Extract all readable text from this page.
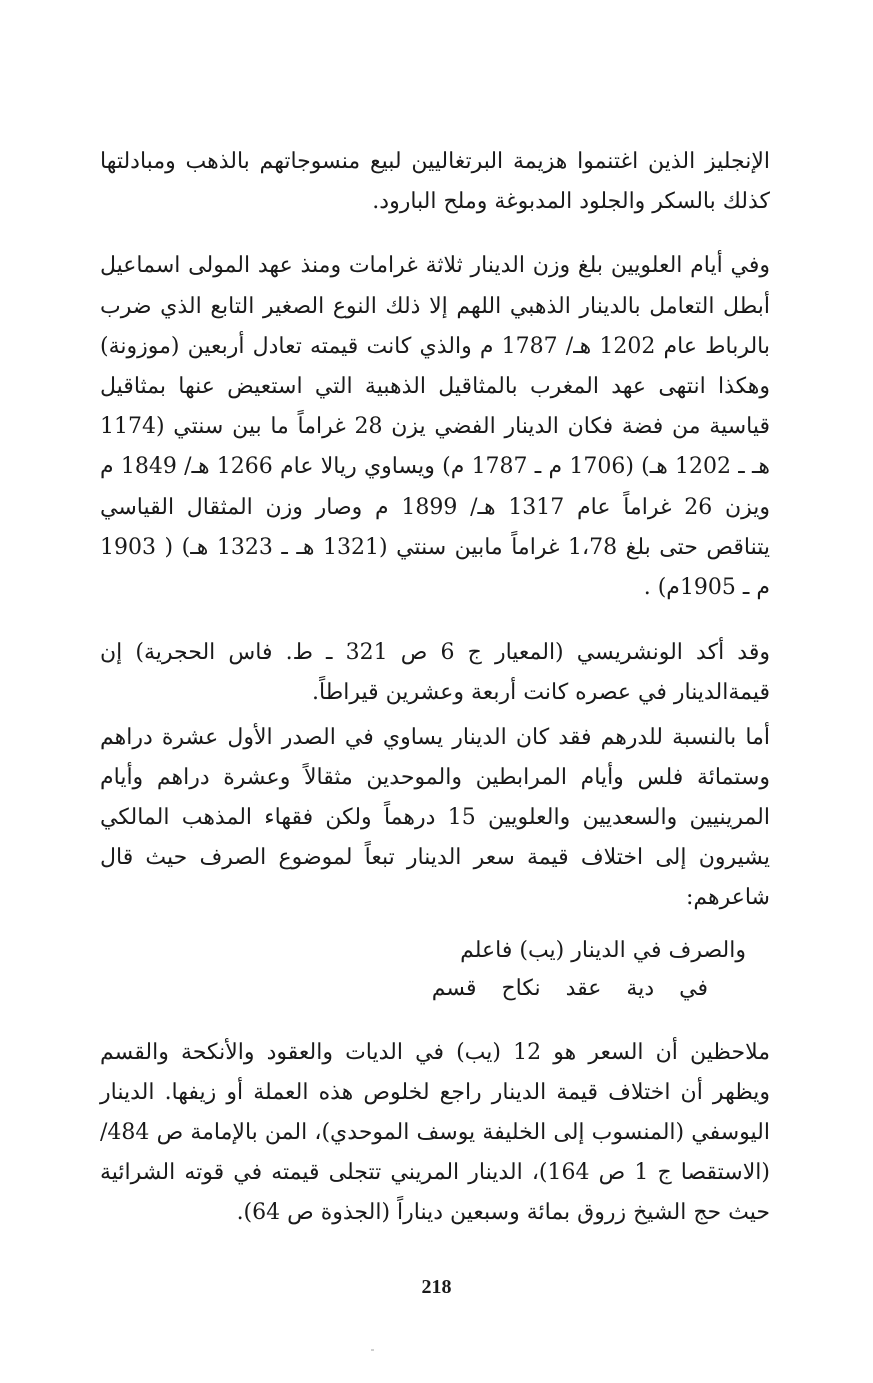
الإنجليز الذين اغتنموا هزيمة البرتغاليين لبيع منسوجاتهم بالذهب ومبادلتها كذلك بالسكر والجلود المدبوغة وملح البارود.

وفي أيام العلويين بلغ وزن الدينار ثلاثة غرامات ومنذ عهد المولى اسماعيل أبطل التعامل بالدينار الذهبي اللهم إلا ذلك النوع الصغير التابع الذي ضرب بالرباط عام 1202 هـ/ 1787 م والذي كانت قيمته تعادل أربعين (موزونة) وهكذا انتهى عهد المغرب بالمثاقيل الذهبية التي استعيض عنها بمثاقيل قياسية من فضة فكان الدينار الفضي يزن 28 غراماً ما بين سنتي (1174 هـ ـ 1202 هـ) (1706 م ـ 1787 م) ويساوي ريالا عام 1266 هـ/ 1849 م ويزن 26 غراماً عام 1317 هـ/ 1899 م وصار وزن المثقال القياسي يتناقص حتى بلغ 1،78 غراماً مابين سنتي (1321 هـ ـ 1323 هـ) ( 1903 م ـ 1905م) .

وقد أكد الونشريسي (المعيار ج 6 ص 321 ـ ط. فاس الحجرية) إن قيمةالدينار في عصره كانت أربعة وعشرين قيراطاً.

أما بالنسبة للدرهم فقد كان الدينار يساوي في الصدر الأول عشرة دراهم وستمائة فلس وأيام المرابطين والموحدين مثقالاً وعشرة دراهم وأيام المرينيين والسعديين والعلويين 15 درهماً ولكن فقهاء المذهب المالكي يشيرون إلى اختلاف قيمة سعر الدينار تبعاً لموضوع الصرف حيث قال شاعرهم:

والصرف في الدينار (يب) فاعلم
في دية عقد نكاح قسم

ملاحظين أن السعر هو 12 (يب) في الديات والعقود والأنكحة والقسم ويظهر أن اختلاف قيمة الدينار راجع لخلوص هذه العملة أو زيفها. الدينار اليوسفي (المنسوب إلى الخليفة يوسف الموحدي)، المن بالإمامة ص 484/ (الاستقصا ج 1 ص 164)، الدينار المريني تتجلى قيمته في قوته الشرائية حيث حج الشيخ زروق بمائة وسبعين ديناراً (الجذوة ص 64).

218
